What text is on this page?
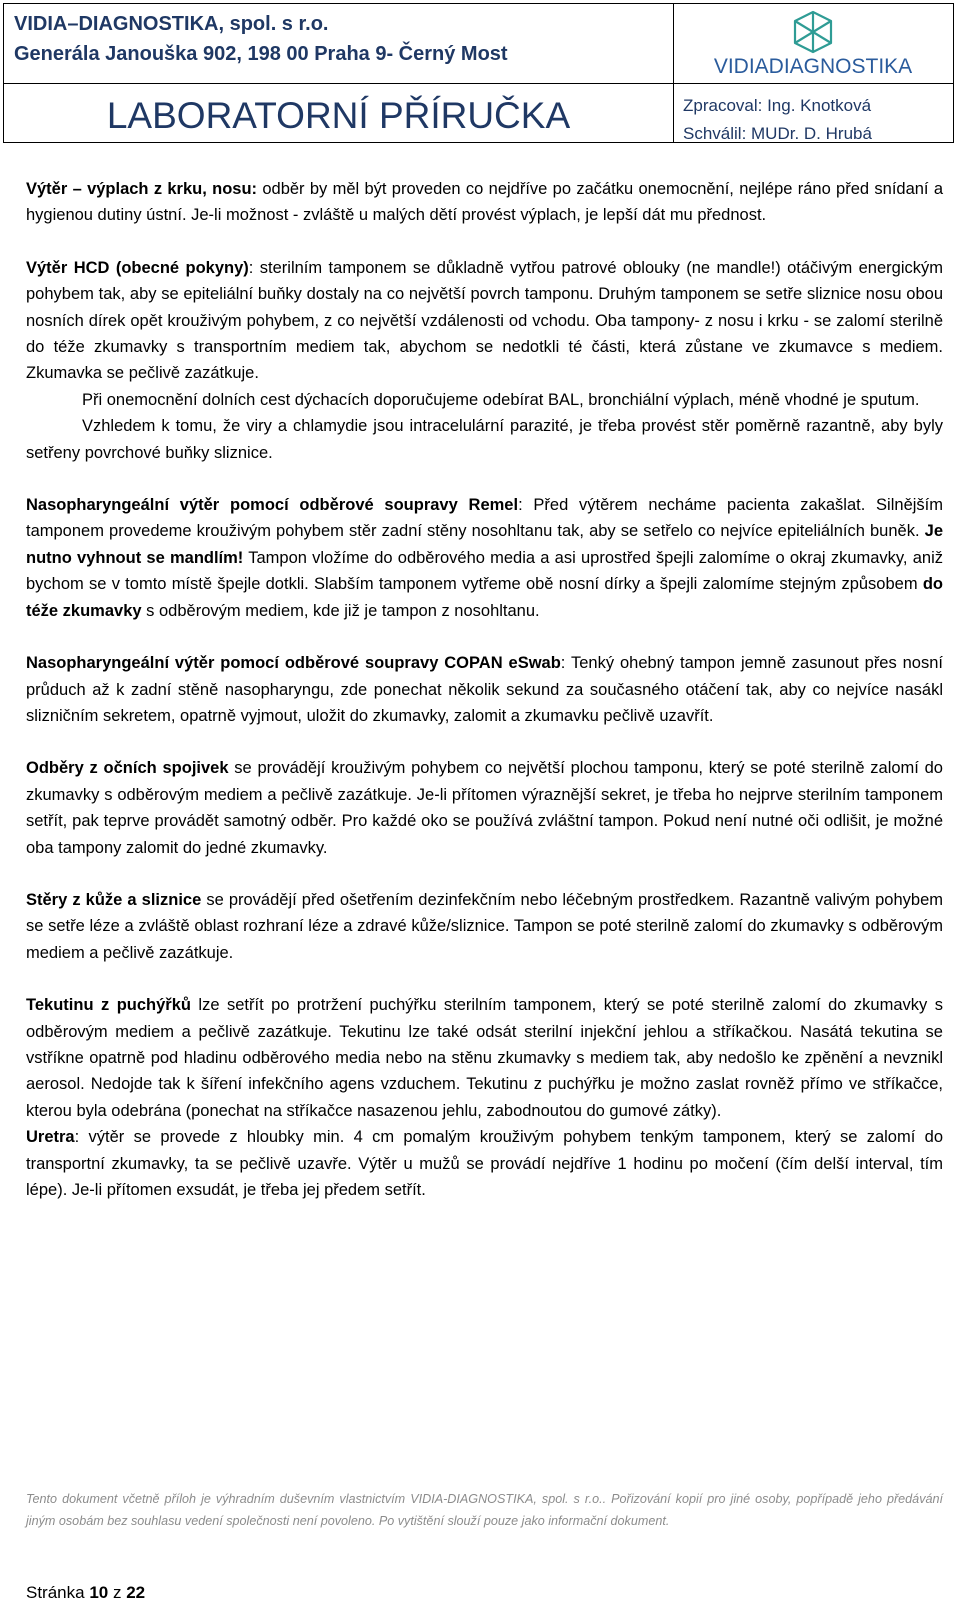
VIDIA–DIAGNOSTIKA, spol. s r.o.
Generála Janouška 902, 198 00 Praha 9- Černý Most
LABORATORNÍ PŘÍRUČKA
VIDIADIAGNOSTIKA
Zpracoval: Ing. Knotková
Schválil: MUDr. D. Hrubá

Výtěr – výplach z krku, nosu: odběr by měl být proveden co nejdříve po začátku onemocnění, nejlépe ráno před snídaní a hygienou dutiny ústní. Je-li možnost - zvláště u malých dětí provést výplach, je lepší dát mu přednost.

Výtěr HCD (obecné pokyny): sterilním tamponem se důkladně vytřou patrové oblouky (ne mandle!) otáčivým energickým pohybem tak, aby se epiteliální buňky dostaly na co největší povrch tamponu. Druhým tamponem se setře sliznice nosu obou nosních dírek opět krouživým pohybem, z co největší vzdálenosti od vchodu. Oba tampony- z nosu i krku - se zalomí sterilně do téže zkumavky s transportním mediem tak, abychom se nedotkli té části, která zůstane ve zkumavce s mediem. Zkumavka se pečlivě zazátkuje.

Při onemocnění dolních cest dýchacích doporučujeme odebírat BAL, bronchiální výplach, méně vhodné je sputum.

Vzhledem k tomu, že viry a chlamydie jsou intracelulární parazité, je třeba provést stěr poměrně razantně, aby byly setřeny povrchové buňky sliznice.

Nasopharyngeální výtěr pomocí odběrové soupravy Remel: Před výtěrem necháme pacienta zakašlat. Silnějším tamponem provedeme krouživým pohybem stěr zadní stěny nosohltanu tak, aby se setřelo co nejvíce epiteliálních buněk. Je nutno vyhnout se mandlím! Tampon vložíme do odběrového media a asi uprostřed špejli zalomíme o okraj zkumavky, aniž bychom se v tomto místě špejle dotkli. Slabším tamponem vytřeme obě nosní dírky a špejli zalomíme stejným způsobem do téže zkumavky s odběrovým mediem, kde již je tampon z nosohltanu.

Nasopharyngeální výtěr pomocí odběrové soupravy COPAN eSwab: Tenký ohebný tampon jemně zasunout přes nosní průduch až k zadní stěně nasopharyngu, zde ponechat několik sekund za současného otáčení tak, aby co nejvíce nasákl slizničním sekretem, opatrně vyjmout, uložit do zkumavky, zalomit a zkumavku pečlivě uzavřít.

Odběry z očních spojivek se provádějí krouživým pohybem co největší plochou tamponu, který se poté sterilně zalomí do zkumavky s odběrovým mediem a pečlivě zazátkuje. Je-li přítomen výraznější sekret, je třeba ho nejprve sterilním tamponem setřít, pak teprve provádět samotný odběr. Pro každé oko se používá zvláštní tampon. Pokud není nutné oči odlišit, je možné oba tampony zalomit do jedné zkumavky.

Stěry z kůže a sliznice se provádějí před ošetřením dezinfekčním nebo léčebným prostředkem. Razantně valivým pohybem se setře léze a zvláště oblast rozhraní léze a zdravé kůže/sliznice. Tampon se poté sterilně zalomí do zkumavky s odběrovým mediem a pečlivě zazátkuje.

Tekutinu z puchýřků lze setřít po protržení puchýřku sterilním tamponem, který se poté sterilně zalomí do zkumavky s odběrovým mediem a pečlivě zazátkuje. Tekutinu lze také odsát sterilní injekční jehlou a stříkačkou. Nasátá tekutina se vstříkne opatrně pod hladinu odběrového media nebo na stěnu zkumavky s mediem tak, aby nedošlo ke zpěnění a nevznikl aerosol. Nedojde tak k šíření infekčního agens vzduchem. Tekutinu z puchýřku je možno zaslat rovněž přímo ve stříkačce, kterou byla odebrána (ponechat na stříkačce nasazenou jehlu, zabodnoutou do gumové zátky).

Uretra: výtěr se provede z hloubky min. 4 cm pomalým krouživým pohybem tenkým tamponem, který se zalomí do transportní zkumavky, ta se pečlivě uzavře. Výtěr u mužů se provádí nejdříve 1 hodinu po močení (čím delší interval, tím lépe). Je-li přítomen exsudát, je třeba jej předem setřít.

Tento dokument včetně příloh je výhradním duševním vlastnictvím VIDIA-DIAGNOSTIKA, spol. s r.o.. Pořizování kopií pro jiné osoby, popřípadě jeho předávání jiným osobám bez souhlasu vedení společnosti není povoleno. Po vytištění slouží pouze jako informační dokument.
Stránka 10 z 22
